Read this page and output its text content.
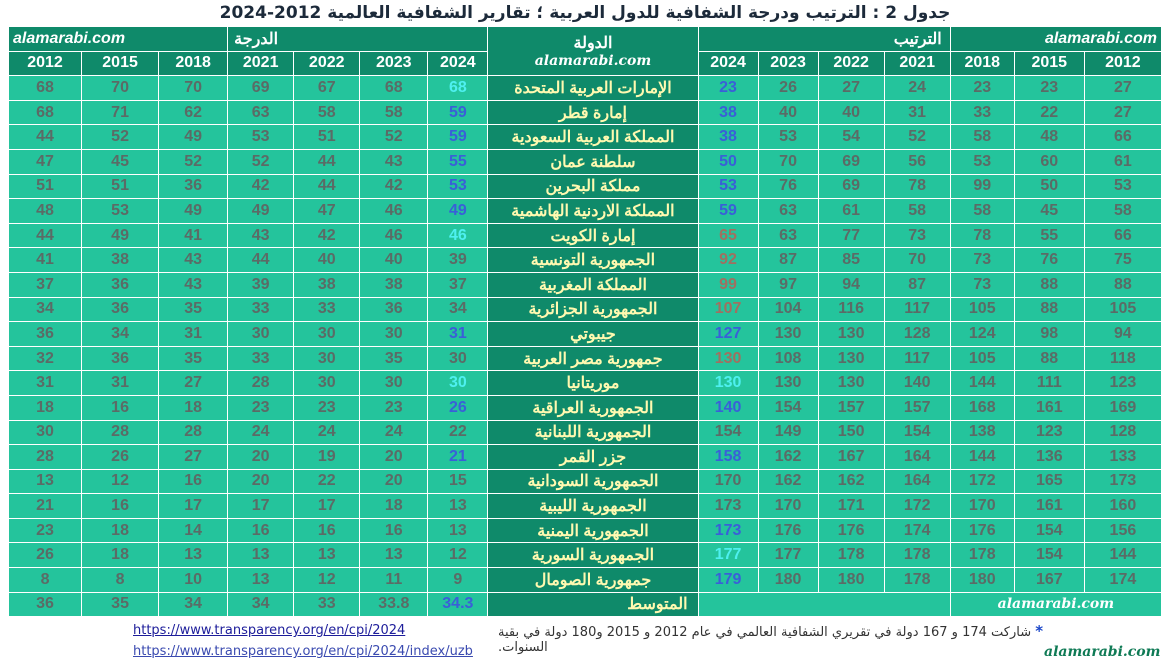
جدول 2 : الترتيب ودرجة الشفافية للدول العربية ؛ تقارير الشفافية العالمية 2012-2024
alamarabi.com			الدرجة				الدولة
alamarabi.com	الترتيب				alamarabi.com		
2012	2015	2018	2021	2022	2023	2024		2024	2023	2022	2021	2018	2015	2012
68	70	70	69	67	68	68	الإمارات العربية المتحدة	23	26	27	24	23	23	27
68	71	62	63	58	58	59	إمارة قطر	38	40	40	31	33	22	27
44	52	49	53	51	52	59	المملكة العربية السعودية	38	53	54	52	58	48	66
47	45	52	52	44	43	55	سلطنة عمان	50	70	69	56	53	60	61
51	51	36	42	44	42	53	مملكة البحرين	53	76	69	78	99	50	53
48	53	49	49	47	46	49	المملكة الاردنية الهاشمية	59	63	61	58	58	45	58
44	49	41	43	42	46	46	إمارة الكويت	65	63	77	73	78	55	66
41	38	43	44	40	40	39	الجمهورية التونسية	92	87	85	70	73	76	75
37	36	43	39	38	38	37	المملكة المغربية	99	97	94	87	73	88	88
34	36	35	33	33	36	34	الجمهورية الجزائرية	107	104	116	117	105	88	105
36	34	31	30	30	30	31	جيبوتي	127	130	130	128	124	98	94
32	36	35	33	30	35	30	جمهورية مصر العربية	130	108	130	117	105	88	118
31	31	27	28	30	30	30	موريتانيا	130	130	130	140	144	111	123
18	16	18	23	23	23	26	الجمهورية العراقية	140	154	157	157	168	161	169
30	28	28	24	24	24	22	الجمهورية اللبنانية	154	149	150	154	138	123	128
28	26	27	20	19	20	21	جزر القمر	158	162	167	164	144	136	133
13	12	16	20	22	20	15	الجمهورية السودانية	170	162	162	164	172	165	173
21	16	17	17	17	18	13	الجمهورية الليبية	173	170	171	172	170	161	160
23	18	14	16	16	16	13	الجمهورية اليمنية	173	176	176	174	176	154	156
26	18	13	13	13	13	12	الجمهورية السورية	177	177	178	178	178	154	144
8	8	10	13	12	11	9	جمهورية الصومال	179	180	180	178	180	167	174
36	35	34	34	33	33.8	34.3	المتوسط					alamarabi.com		
* شاركت 174 و 167 دولة في تقريري الشفافية العالمي في عام 2012 و 2015 و180 دولة في بقية السنوات.
https://www.transparency.org/en/cpi/2024
https://www.transparency.org/en/cpi/2024/index/uzb	alamarabi.com
